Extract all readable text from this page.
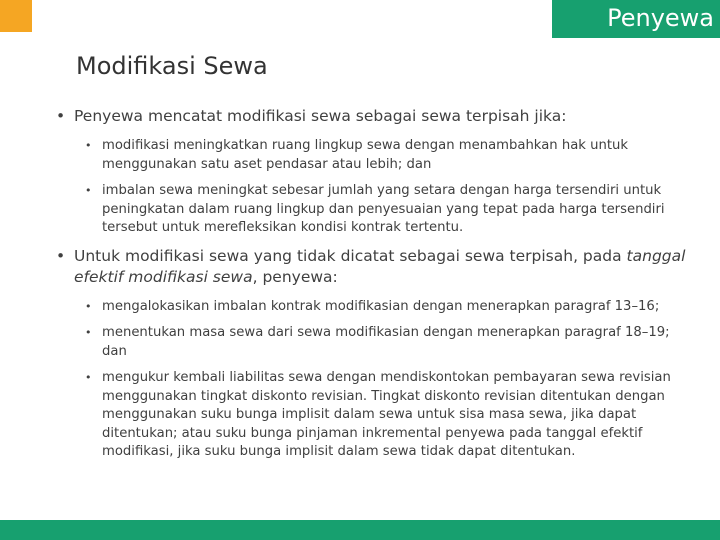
Penyewa
Modifikasi Sewa
• Penyewa mencatat modifikasi sewa sebagai sewa terpisah jika:
• modifikasi meningkatkan ruang lingkup sewa dengan menambahkan hak untuk menggunakan satu aset pendasar atau lebih; dan
• imbalan sewa meningkat sebesar jumlah yang setara dengan harga tersendiri untuk peningkatan dalam ruang lingkup dan penyesuaian yang tepat pada harga tersendiri tersebut untuk merefleksikan kondisi kontrak tertentu.
• Untuk modifikasi sewa yang tidak dicatat sebagai sewa terpisah, pada tanggal efektif modifikasi sewa, penyewa:
• mengalokasikan imbalan kontrak modifikasian dengan menerapkan paragraf 13–16;
• menentukan masa sewa dari sewa modifikasian dengan menerapkan paragraf 18–19; dan
• mengukur kembali liabilitas sewa dengan mendiskontokan pembayaran sewa revisian menggunakan tingkat diskonto revisian. Tingkat diskonto revisian ditentukan dengan menggunakan suku bunga implisit dalam sewa untuk sisa masa sewa, jika dapat ditentukan; atau suku bunga pinjaman inkremental penyewa pada tanggal efektif modifikasi, jika suku bunga implisit dalam sewa tidak dapat ditentukan.
